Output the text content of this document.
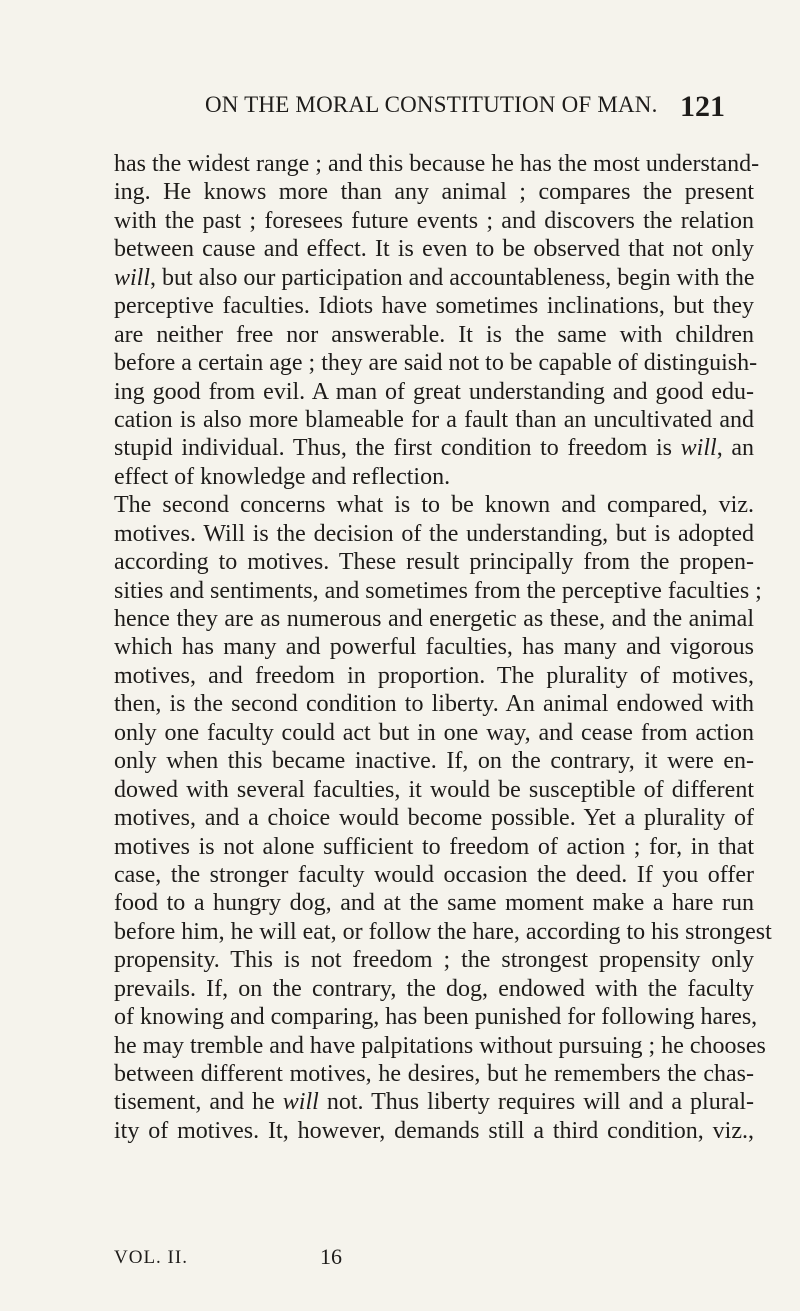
ON THE MORAL CONSTITUTION OF MAN. 121
has the widest range ; and this because he has the most understand-
ing. He knows more than any animal ; compares the present
with the past ; foresees future events ; and discovers the relation
between cause and effect. It is even to be observed that not only
will, but also our participation and accountableness, begin with the
perceptive faculties. Idiots have sometimes inclinations, but they
are neither free nor answerable. It is the same with children
before a certain age ; they are said not to be capable of distinguish-
ing good from evil. A man of great understanding and good edu-
cation is also more blameable for a fault than an uncultivated and
stupid individual. Thus, the first condition to freedom is will, an
effect of knowledge and reflection.
The second concerns what is to be known and compared, viz.
motives. Will is the decision of the understanding, but is adopted
according to motives. These result principally from the propen-
sities and sentiments, and sometimes from the perceptive faculties ;
hence they are as numerous and energetic as these, and the animal
which has many and powerful faculties, has many and vigorous
motives, and freedom in proportion. The plurality of motives,
then, is the second condition to liberty. An animal endowed with
only one faculty could act but in one way, and cease from action
only when this became inactive. If, on the contrary, it were en-
dowed with several faculties, it would be susceptible of different
motives, and a choice would become possible. Yet a plurality of
motives is not alone sufficient to freedom of action ; for, in that
case, the stronger faculty would occasion the deed. If you offer
food to a hungry dog, and at the same moment make a hare run
before him, he will eat, or follow the hare, according to his strongest
propensity. This is not freedom ; the strongest propensity only
prevails. If, on the contrary, the dog, endowed with the faculty
of knowing and comparing, has been punished for following hares,
he may tremble and have palpitations without pursuing ; he chooses
between different motives, he desires, but he remembers the chas-
tisement, and he will not. Thus liberty requires will and a plural-
ity of motives. It, however, demands still a third condition, viz.,
VOL. II.	16
